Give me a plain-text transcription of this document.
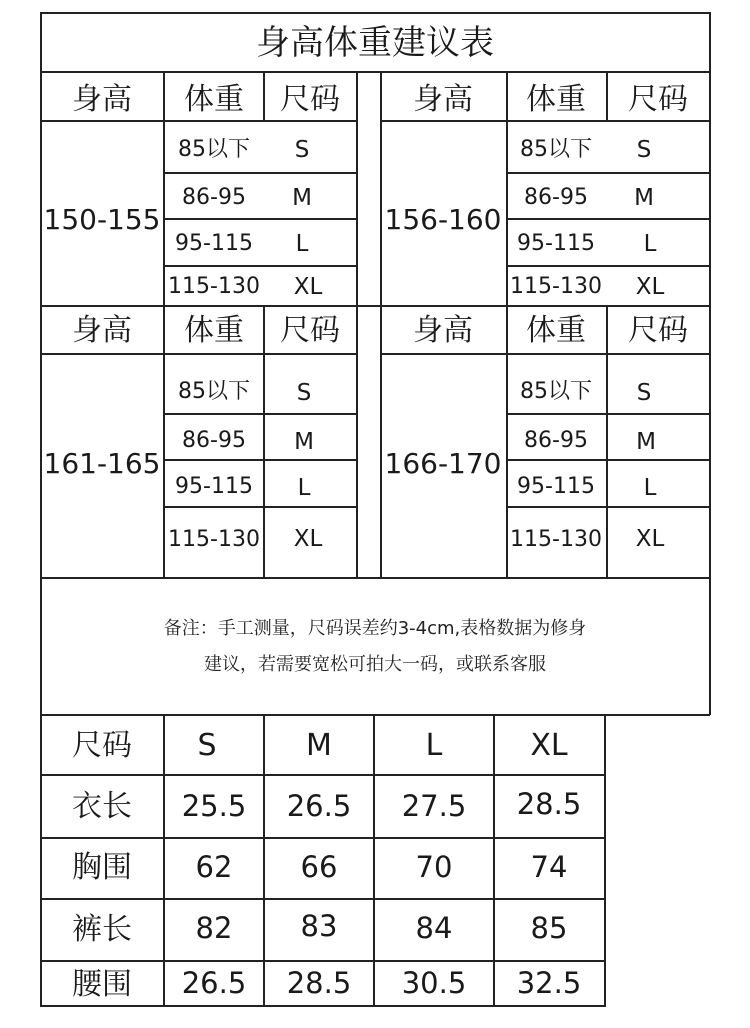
身高体重建议表
身高	体重	尺码	身高	体重	尺码
150-155
85以下	S
86-95	M
95-115	L
115-130	XL
156-160
85以下	S
86-95	M
95-115	L
115-130	XL
身高	体重	尺码	身高	体重	尺码
161-165
85以下	S
86-95	M
95-115	L
115-130	XL
166-170
85以下	S
86-95	M
95-115	L
115-130	XL
备注：手工测量，尺码误差约3-4cm,表格数据为修身
建议，若需要宽松可拍大一码，或联系客服
尺码	S	M	L	XL
衣长	25.5	26.5	27.5	28.5
胸围	62	66	70	74
裤长	82	83	84	85
腰围	26.5	28.5	30.5	32.5
